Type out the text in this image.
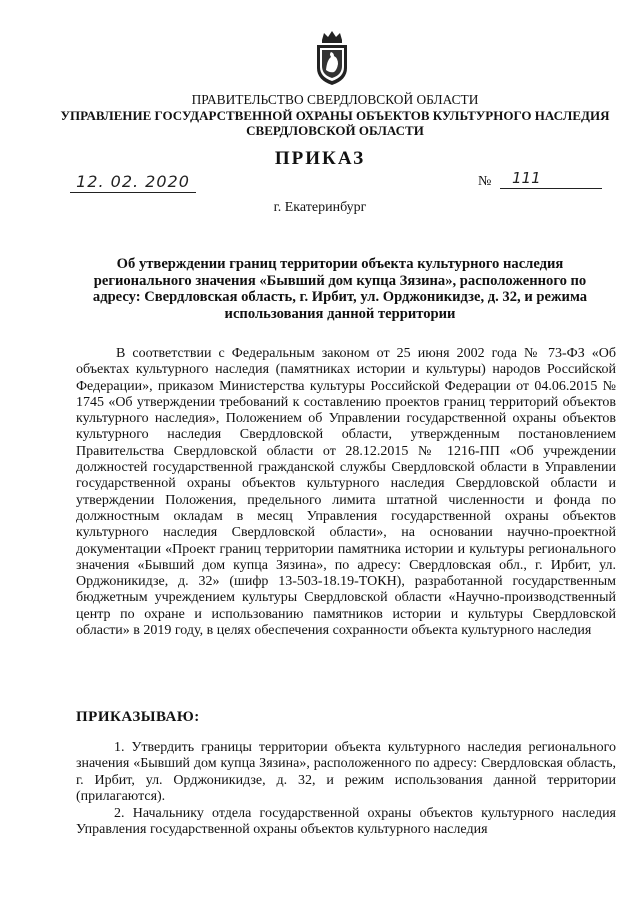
ПРАВИТЕЛЬСТВО СВЕРДЛОВСКОЙ ОБЛАСТИ
УПРАВЛЕНИЕ ГОСУДАРСТВЕННОЙ ОХРАНЫ ОБЪЕКТОВ КУЛЬТУРНОГО НАСЛЕДИЯ СВЕРДЛОВСКОЙ ОБЛАСТИ
ПРИКАЗ
12. 02. 2020	№	111
г. Екатеринбург
Об утверждении границ территории объекта культурного наследия регионального значения «Бывший дом купца Зязина», расположенного по адресу: Свердловская область, г. Ирбит, ул. Орджоникидзе, д. 32, и режима использования данной территории

В соответствии с Федеральным законом от 25 июня 2002 года № 73-ФЗ «Об объектах культурного наследия (памятниках истории и культуры) народов Российской Федерации», приказом Министерства культуры Российской Федерации от 04.06.2015 № 1745 «Об утверждении требований к составлению проектов границ территорий объектов культурного наследия», Положением об Управлении государственной охраны объектов культурного наследия Свердловской области, утвержденным постановлением Правительства Свердловской области от 28.12.2015 № 1216-ПП «Об учреждении должностей государственной гражданской службы Свердловской области в Управлении государственной охраны объектов культурного наследия Свердловской области и утверждении Положения, предельного лимита штатной численности и фонда по должностным окладам в месяц Управления государственной охраны объектов культурного наследия Свердловской области», на основании научно-проектной документации «Проект границ территории памятника истории и культуры регионального значения «Бывший дом купца Зязина», по адресу: Свердловская обл., г. Ирбит, ул. Орджоникидзе, д. 32» (шифр 13-503-18.19-ТОКН), разработанной государственным бюджетным учреждением культуры Свердловской области «Научно-производственный центр по охране и использованию памятников истории и культуры Свердловской области» в 2019 году, в целях обеспечения сохранности объекта культурного наследия

ПРИКАЗЫВАЮ:

1. Утвердить границы территории объекта культурного наследия регионального значения «Бывший дом купца Зязина», расположенного по адресу: Свердловская область, г. Ирбит, ул. Орджоникидзе, д. 32, и режим использования данной территории (прилагаются).

2. Начальнику отдела государственной охраны объектов культурного наследия Управления государственной охраны объектов культурного наследия
